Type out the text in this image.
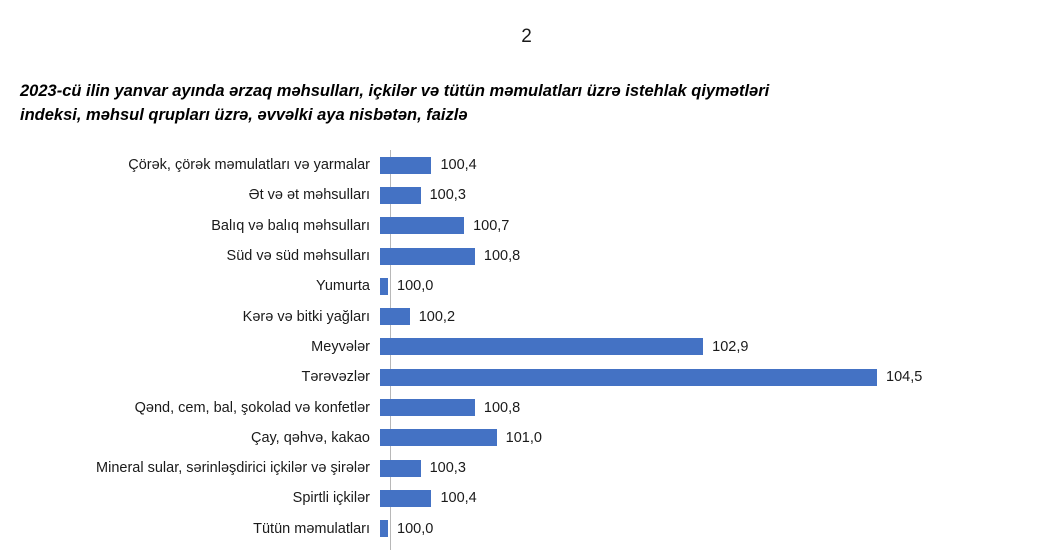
2
2023-cü ilin yanvar ayında ərzaq məhsulları, içkilər və tütün məmulatları üzrə istehlak qiymətləri
indeksi, məhsul qrupları üzrə, əvvəlki aya nisbətən, faizlə
Çörək, çörək məmulatları və yarmalar	100,4
Ət və ət məhsulları	100,3
Balıq və balıq məhsulları	100,7
Süd və süd məhsulları	100,8
Yumurta	100,0
Kərə və bitki yağları	100,2
Meyvələr	102,9
Tərəvəzlər	104,5
Qənd, cem, bal, şokolad və konfetlər	100,8
Çay, qəhvə, kakao	101,0
Mineral sular, sərinləşdirici içkilər və şirələr	100,3
Spirtli içkilər	100,4
Tütün məmulatları	100,0
